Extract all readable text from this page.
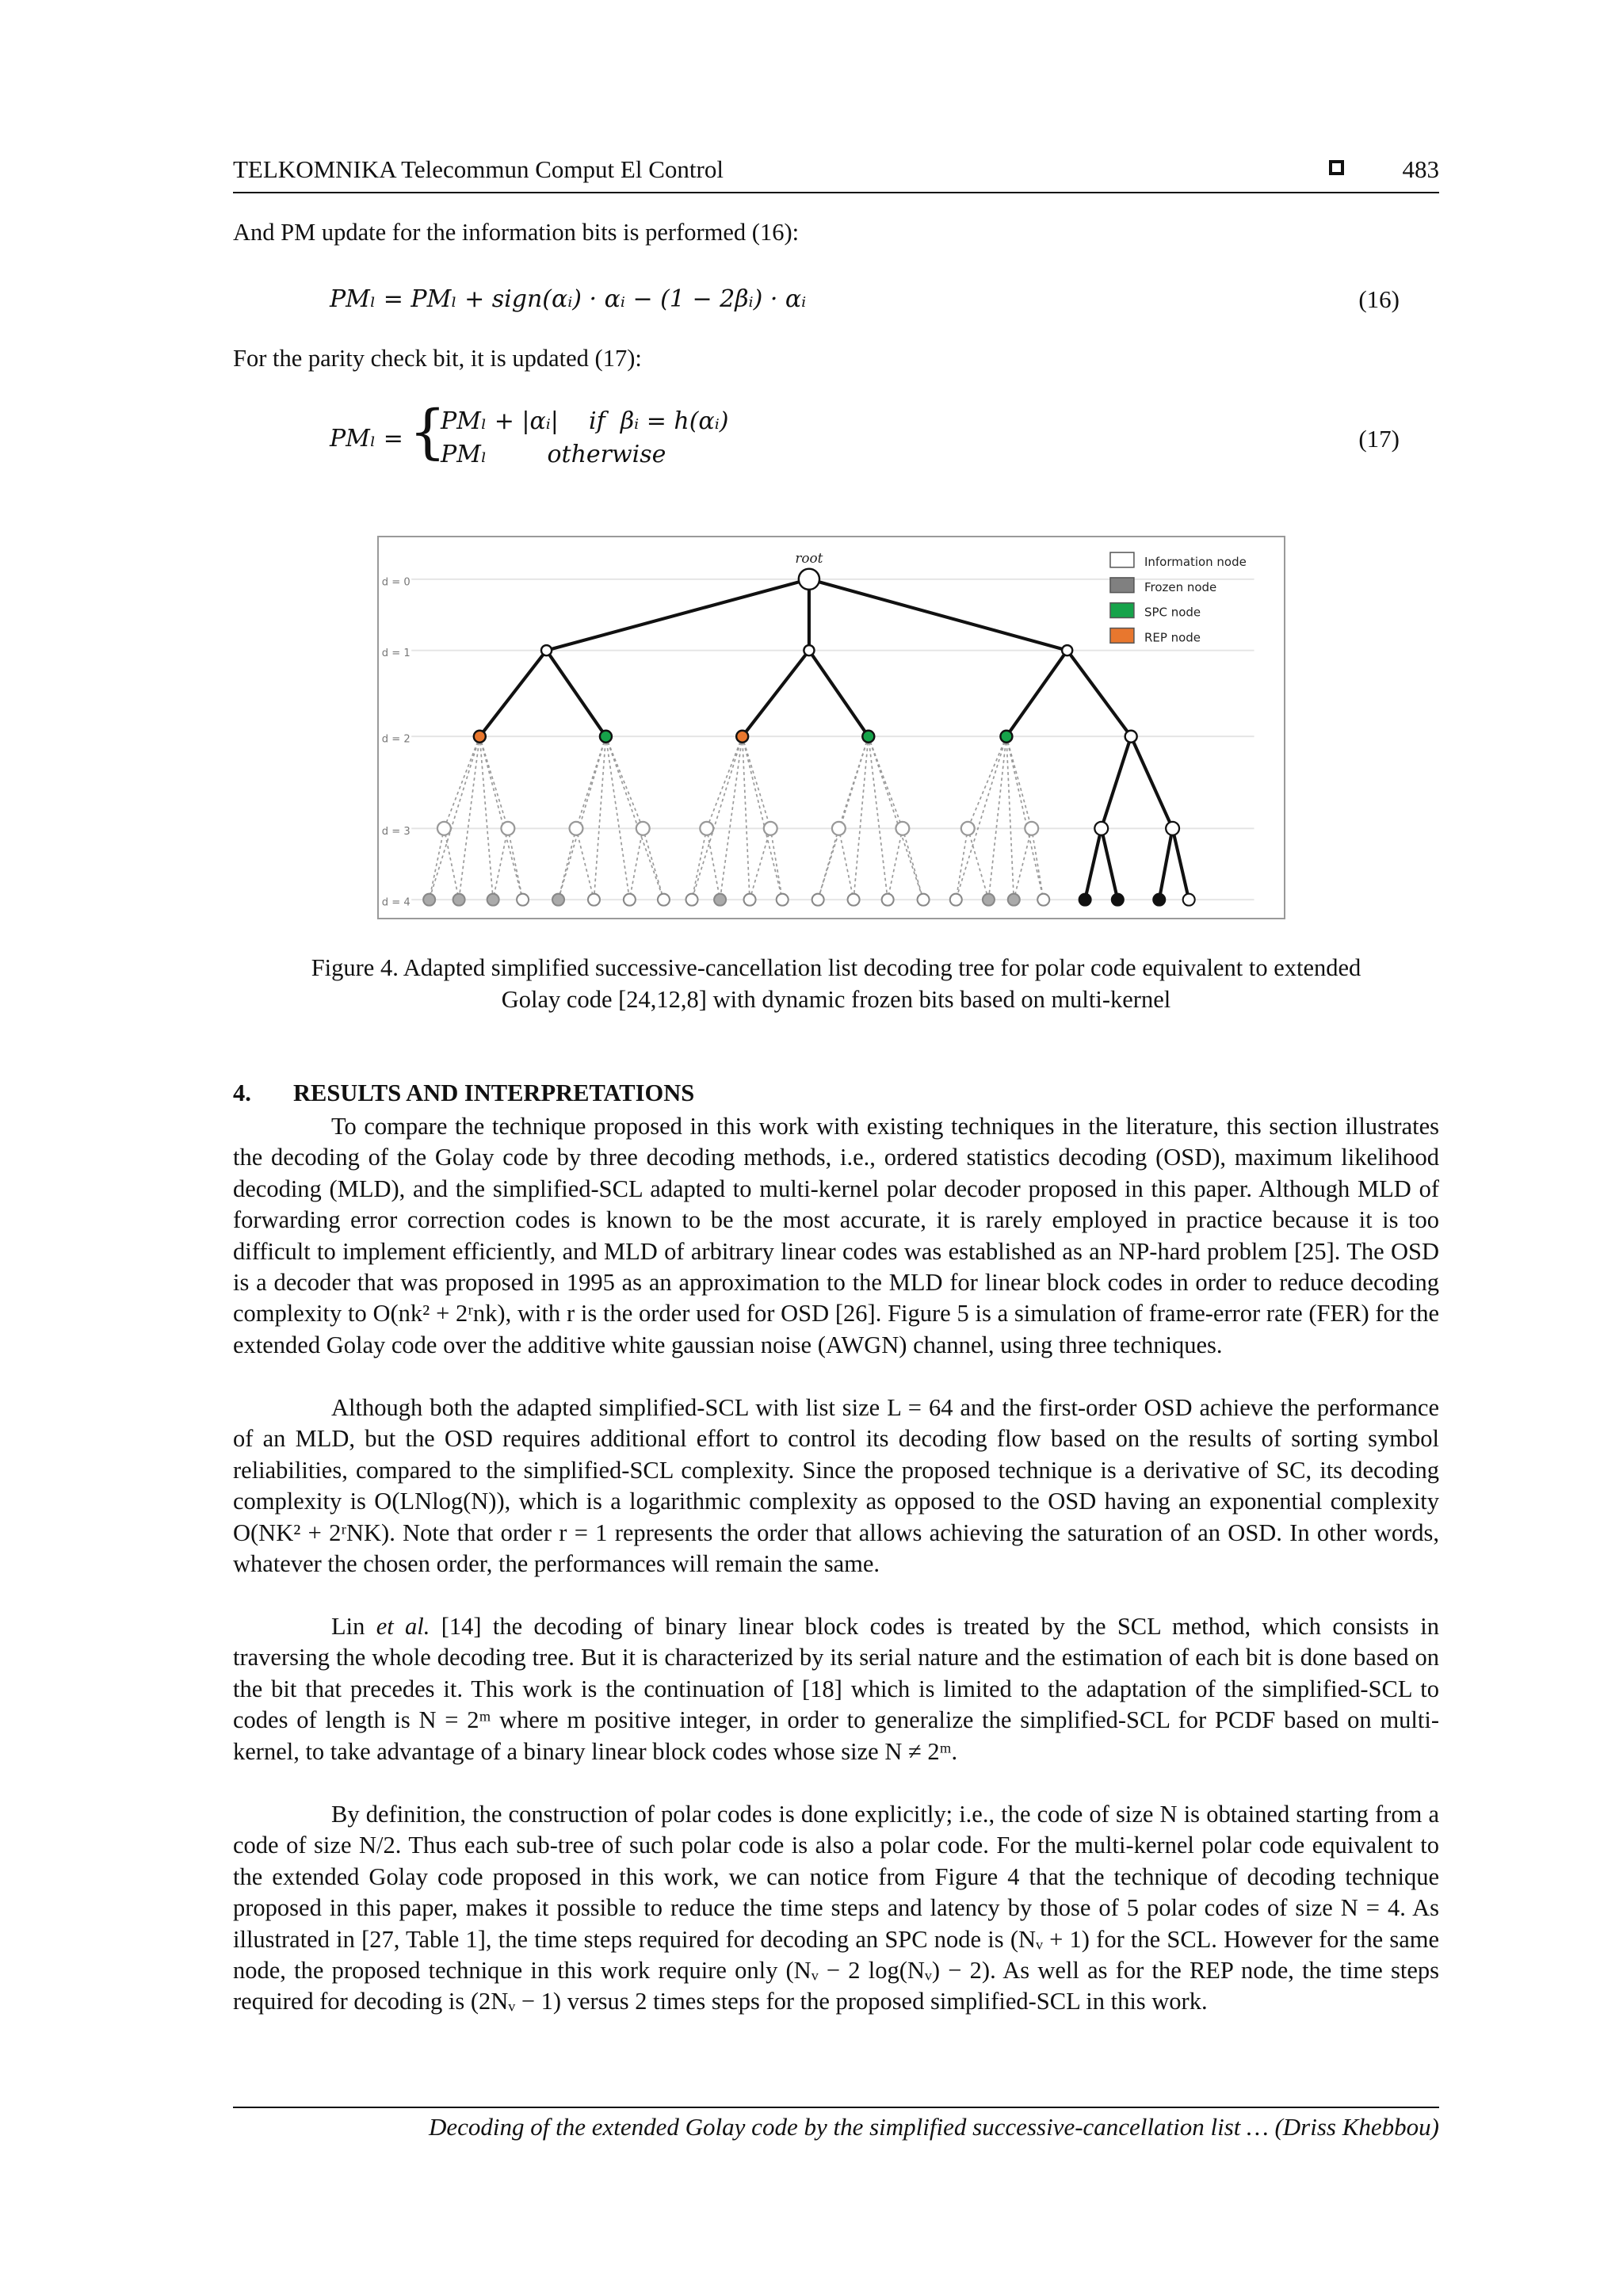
TELKOMNIKA Telecommun Comput El Control	483
And PM update for the information bits is performed (16):
PMₗ = PMₗ + sign(αᵢ) · αᵢ − (1 − 2βᵢ) · αᵢ	(16)
For the parity check bit, it is updated (17):
PMₗ = {
PMₗ + |αᵢ|    if  βᵢ = h(αᵢ)
PMₗ        otherwise
(17)
d = 0
d = 1
d = 2
d = 3
d = 4
root	Information node
Frozen node
SPC node
REP node
Figure 4. Adapted simplified successive-cancellation list decoding tree for polar code equivalent to extended
Golay code [24,12,8] with dynamic frozen bits based on multi-kernel
4. RESULTS AND INTERPRETATIONS
To compare the technique proposed in this work with existing techniques in the literature, this section illustrates the decoding of the Golay code by three decoding methods, i.e., ordered statistics decoding (OSD), maximum likelihood decoding (MLD), and the simplified-SCL adapted to multi-kernel polar decoder proposed in this paper. Although MLD of forwarding error correction codes is known to be the most accurate, it is rarely employed in practice because it is too difficult to implement efficiently, and MLD of arbitrary linear codes was established as an NP-hard problem [25]. The OSD is a decoder that was proposed in 1995 as an approximation to the MLD for linear block codes in order to reduce decoding complexity to O(nk² + 2ʳnk), with r is the order used for OSD [26]. Figure 5 is a simulation of frame-error rate (FER) for the extended Golay code over the additive white gaussian noise (AWGN) channel, using three techniques.
Although both the adapted simplified-SCL with list size L = 64 and the first-order OSD achieve the performance of an MLD, but the OSD requires additional effort to control its decoding flow based on the results of sorting symbol reliabilities, compared to the simplified-SCL complexity. Since the proposed technique is a derivative of SC, its decoding complexity is O(LNlog(N)), which is a logarithmic complexity as opposed to the OSD having an exponential complexity O(NK² + 2ʳNK). Note that order r = 1 represents the order that allows achieving the saturation of an OSD. In other words, whatever the chosen order, the performances will remain the same.
Lin et al. [14] the decoding of binary linear block codes is treated by the SCL method, which consists in traversing the whole decoding tree. But it is characterized by its serial nature and the estimation of each bit is done based on the bit that precedes it. This work is the continuation of [18] which is limited to the adaptation of the simplified-SCL to codes of length is N = 2ᵐ where m positive integer, in order to generalize the simplified-SCL for PCDF based on multi-kernel, to take advantage of a binary linear block codes whose size N ≠ 2ᵐ.
By definition, the construction of polar codes is done explicitly; i.e., the code of size N is obtained starting from a code of size N/2. Thus each sub-tree of such polar code is also a polar code. For the multi-kernel polar code equivalent to the extended Golay code proposed in this work, we can notice from Figure 4 that the technique of decoding technique proposed in this paper, makes it possible to reduce the time steps and latency by those of 5 polar codes of size N = 4. As illustrated in [27, Table 1], the time steps required for decoding an SPC node is (Nᵥ + 1) for the SCL. However for the same node, the proposed technique in this work require only (Nᵥ − 2 log(Nᵥ) − 2). As well as for the REP node, the time steps required for decoding is (2Nᵥ − 1) versus 2 times steps for the proposed simplified-SCL in this work.
Decoding of the extended Golay code by the simplified successive-cancellation list … (Driss Khebbou)
